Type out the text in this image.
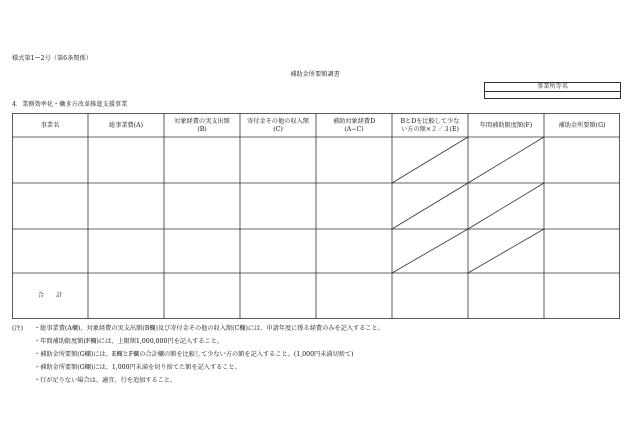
様式第1ー2号（第6条関係）
補助金所要額調書
事業所等名
4．業務効率化・働き方改革推進支援事業
事業名	総事業費(A)
対象経費の実支出額
(B)
寄付金その他の収入額
(C)
補助対象経費D
(A−C)
BとDを比較して少な
い方の額×２／３(E)
年間補助限度額(F)	補助金所要額(G)
合　　計
(注) ・総事業費(A欄)、対象経費の実支出額(B欄)及び寄付金その他の収入額(C欄)には、申請年度に係る経費のみを記入すること。
・年間補助限度額(F欄)には、上限額1,000,000円を記入すること。
・補助金所要額(G欄)には、E欄とF欄の合計欄の額を比較して少ない方の額を記入すること。(1,000円未満切捨て)
・補助金所要額(G欄)には、1,000円未満を切り捨てた額を記入すること。
・行が足りない場合は、適宜、行を追加すること。
